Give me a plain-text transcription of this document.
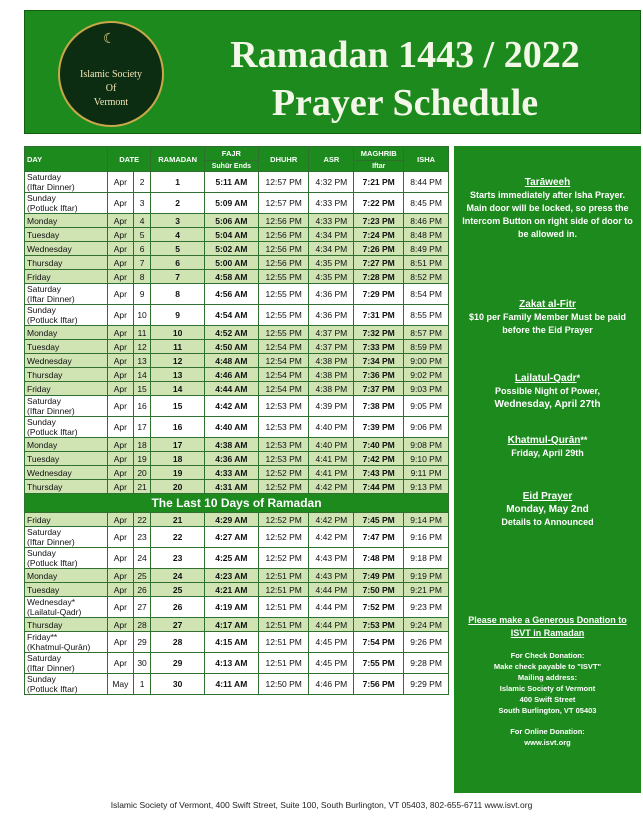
☾
Islamic Society
Of
Vermont
Ramadan 1443 / 2022
Prayer Schedule
DAY	DATE		RAMADAN	FAJR	DHUHR	ASR	MAGHRIB	ISHA
				Suhūr Ends			Iftar	

Saturday
(Iftar Dinner)	Apr	2	1	5:11 AM	12:57 PM	4:32 PM	7:21 PM	8:44 PM

Sunday
(Potluck Iftar)	Apr	3	2	5:09 AM	12:57 PM	4:33 PM	7:22 PM	8:45 PM

Monday	Apr	4	3	5:06 AM	12:56 PM	4:33 PM	7:23 PM	8:46 PM

Tuesday	Apr	5	4	5:04 AM	12:56 PM	4:34 PM	7:24 PM	8:48 PM

Wednesday	Apr	6	5	5:02 AM	12:56 PM	4:34 PM	7:26 PM	8:49 PM

Thursday	Apr	7	6	5:00 AM	12:56 PM	4:35 PM	7:27 PM	8:51 PM

Friday	Apr	8	7	4:58 AM	12:55 PM	4:35 PM	7:28 PM	8:52 PM

Saturday
(Iftar Dinner)	Apr	9	8	4:56 AM	12:55 PM	4:36 PM	7:29 PM	8:54 PM

Sunday
(Potluck Iftar)	Apr	10	9	4:54 AM	12:55 PM	4:36 PM	7:31 PM	8:55 PM

Monday	Apr	11	10	4:52 AM	12:55 PM	4:37 PM	7:32 PM	8:57 PM

Tuesday	Apr	12	11	4:50 AM	12:54 PM	4:37 PM	7:33 PM	8:59 PM

Wednesday	Apr	13	12	4:48 AM	12:54 PM	4:38 PM	7:34 PM	9:00 PM

Thursday	Apr	14	13	4:46 AM	12:54 PM	4:38 PM	7:36 PM	9:02 PM

Friday	Apr	15	14	4:44 AM	12:54 PM	4:38 PM	7:37 PM	9:03 PM

Saturday
(Iftar Dinner)	Apr	16	15	4:42 AM	12:53 PM	4:39 PM	7:38 PM	9:05 PM

Sunday
(Potluck Iftar)	Apr	17	16	4:40 AM	12:53 PM	4:40 PM	7:39 PM	9:06 PM

Monday	Apr	18	17	4:38 AM	12:53 PM	4:40 PM	7:40 PM	9:08 PM

Tuesday	Apr	19	18	4:36 AM	12:53 PM	4:41 PM	7:42 PM	9:10 PM

Wednesday	Apr	20	19	4:33 AM	12:52 PM	4:41 PM	7:43 PM	9:11 PM

Thursday	Apr	21	20	4:31 AM	12:52 PM	4:42 PM	7:44 PM	9:13 PM
The Last 10 Days of Ramadan								

Friday	Apr	22	21	4:29 AM	12:52 PM	4:42 PM	7:45 PM	9:14 PM

Saturday
(Iftar Dinner)	Apr	23	22	4:27 AM	12:52 PM	4:42 PM	7:47 PM	9:16 PM

Sunday
(Potluck Iftar)	Apr	24	23	4:25 AM	12:52 PM	4:43 PM	7:48 PM	9:18 PM

Monday	Apr	25	24	4:23 AM	12:51 PM	4:43 PM	7:49 PM	9:19 PM

Tuesday	Apr	26	25	4:21 AM	12:51 PM	4:44 PM	7:50 PM	9:21 PM

Wednesday*
(Lailatul-Qadr)	Apr	27	26	4:19 AM	12:51 PM	4:44 PM	7:52 PM	9:23 PM

Thursday	Apr	28	27	4:17 AM	12:51 PM	4:44 PM	7:53 PM	9:24 PM

Friday**
(Khatmul-Qurān)	Apr	29	28	4:15 AM	12:51 PM	4:45 PM	7:54 PM	9:26 PM

Saturday
(Iftar Dinner)	Apr	30	29	4:13 AM	12:51 PM	4:45 PM	7:55 PM	9:28 PM

Sunday
(Potluck Iftar)	May	1	30	4:11 AM	12:50 PM	4:46 PM	7:56 PM	9:29 PM
Tarāweeh
Starts immediately after Isha Prayer. Main door will be locked, so press the Intercom Button on right side of door to be allowed in.
Zakat al-Fitr
$10 per Family Member Must be paid before the Eid Prayer
Lailatul-Qadr*
Possible Night of Power,
Wednesday, April 27th
Khatmul-Qurān**
Friday, April 29th
Eid Prayer
Monday, May 2nd
Details to Announced
Please make a Generous Donation to ISVT in Ramadan
For Check Donation:
Make check payable to "ISVT"
Mailing address:
Islamic Society of Vermont
400 Swift Street
South Burlington, VT 05403
For Online Donation:
www.isvt.org
Islamic Society of Vermont, 400 Swift Street, Suite 100, South Burlington, VT 05403, 802-655-6711 www.isvt.org
